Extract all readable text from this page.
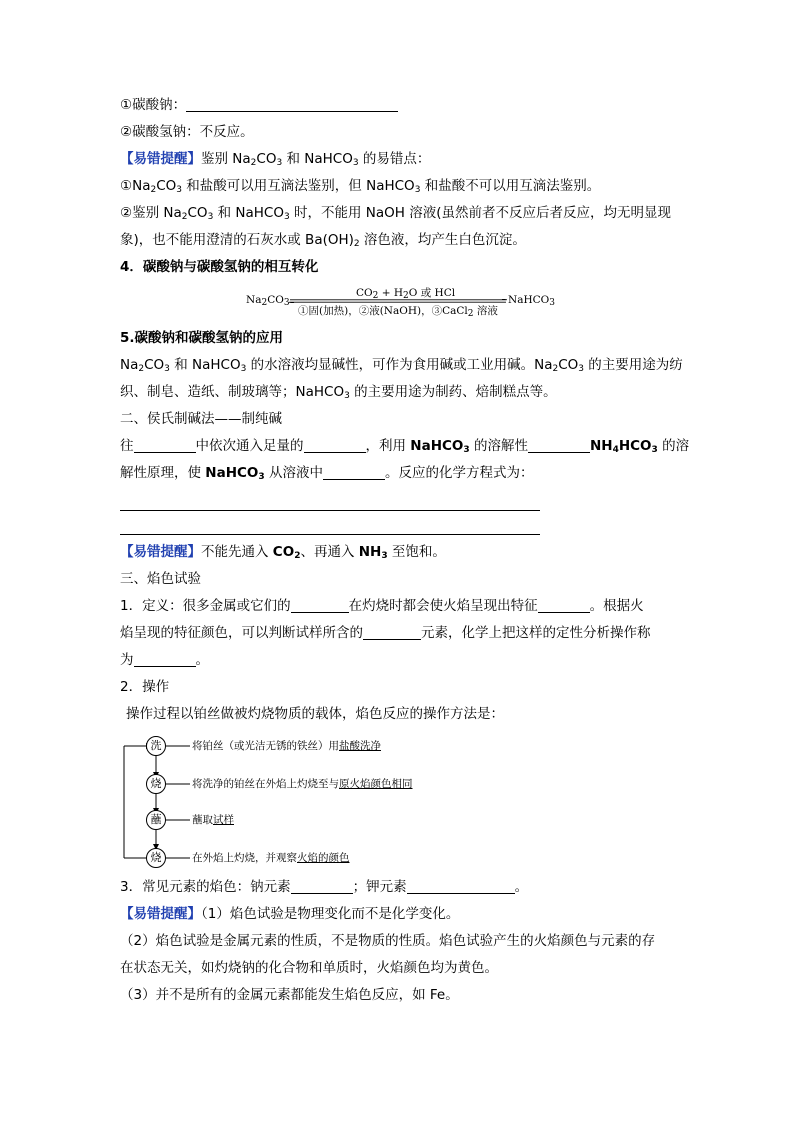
①碳酸钠：
②碳酸氢钠：不反应。
【易错提醒】鉴别 $Na_2CO_3$ 和 NaHCO$_3$ 的易错点：
$①Na_2CO_3$ 和盐酸可以用互滴法鉴别，但 NaHCO$_3$ 和盐酸不可以用互滴法鉴别。
②鉴别 $Na_2CO_3$ 和 NaHCO$_3$ 时，不能用 NaOH 溶液(虽然前者不反应后者反应，均无明显现
象)，也不能用澄清的石灰水或 $Ba(OH)_2$ 溶色液，均产生白色沉淀。
4．碳酸钠与碳酸氢钠的相互转化
$Na_2CO_3$
$CO_2 + H_2O$ 或 HCl
①固(加热)，②液(NaOH)，③CaCl$_2$ 溶液
NaHCO$_3$
5.碳酸钠和碳酸氢钠的应用
$Na_2CO_3$ 和 NaHCO$_3$ 的水溶液均显碱性，可作为食用碱或工业用碱。$Na_2CO_3$ 的主要用途为纺
织、制皂、造纸、制玻璃等；NaHCO$_3$ 的主要用途为制药、焙制糕点等。
二、侯氏制碱法——制纯碱
往	中依次通入足量的	，利用 NaHCO$_3$ 的溶解性	$NH_4HCO_3$ 的溶
解性原理，使 NaHCO$_3$ 从溶液中	。反应的化学方程式为：
【易错提醒】不能先通入 $CO_2$、再通入 $NH_3$ 至饱和。
三、焰色试验
1．定义：很多金属或它们的	在灼烧时都会使火焰呈现出特征	。根据火
焰呈现的特征颜色，可以判断试样所含的	元素，化学上把这样的定性分析操作称
为	。
2．操作
操作过程以铂丝做被灼烧物质的载体，焰色反应的操作方法是：
洗	将铂丝（或光洁无锈的铁丝）用盐酸洗净
烧	将洗净的铂丝在外焰上灼烧至与原火焰颜色相同
蘸	蘸取试样
烧	在外焰上灼烧，并观察火焰的颜色
3．常见元素的焰色：钠元素	；钾元素	。
【易错提醒】（1）焰色试验是物理变化而不是化学变化。
（2）焰色试验是金属元素的性质，不是物质的性质。焰色试验产生的火焰颜色与元素的存
在状态无关，如灼烧钠的化合物和单质时，火焰颜色均为黄色。
（3）并不是所有的金属元素都能发生焰色反应，如 Fe。
